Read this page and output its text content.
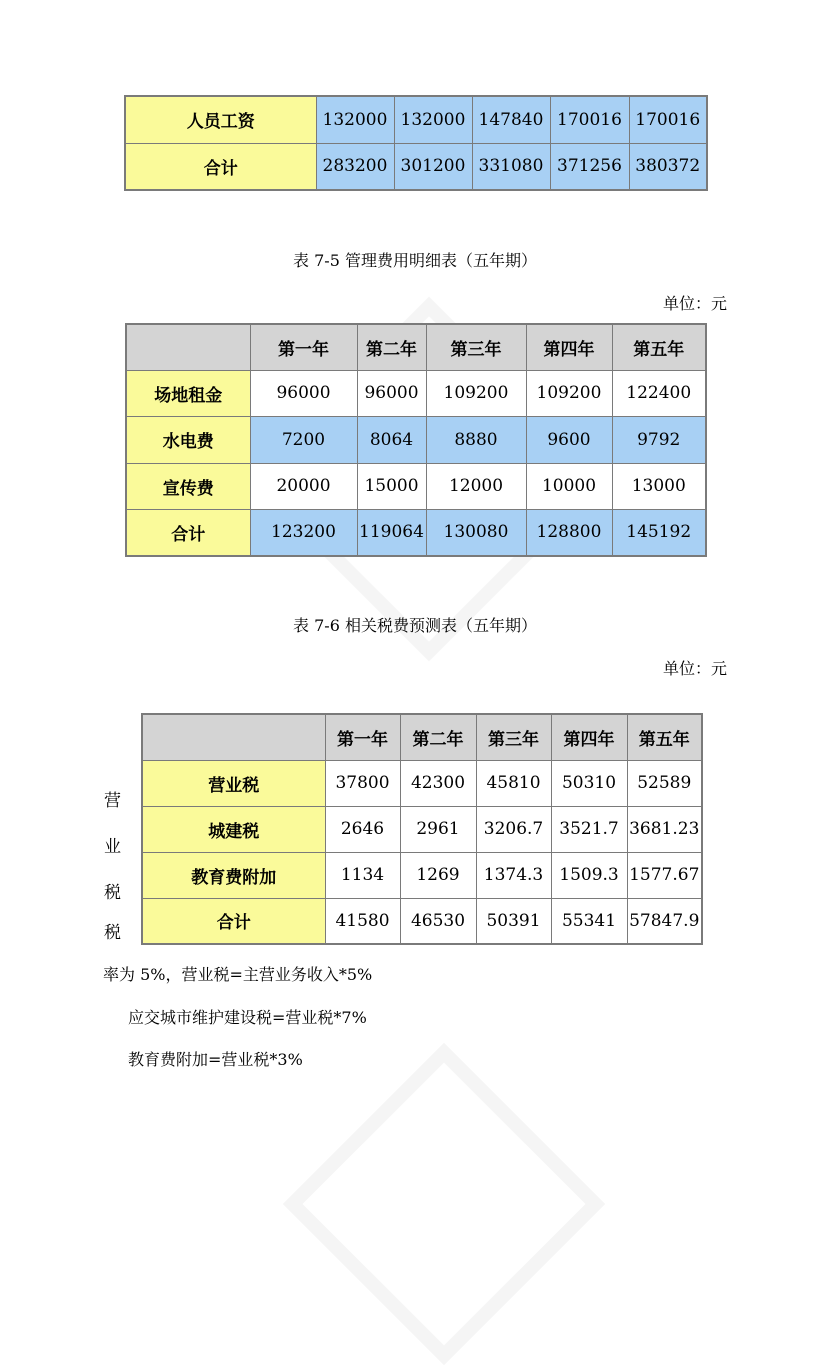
人员工资	132000	132000	147840	170016	170016
合计	283200	301200	331080	371256	380372
表 7-5 管理费用明细表（五年期）
单位：元
	第一年	第二年	第三年	第四年	第五年
场地租金	96000	96000	109200	109200	122400
水电费	7200	8064	8880	9600	9792
宣传费	20000	15000	12000	10000	13000
合计	123200	119064	130080	128800	145192
表 7-6 相关税费预测表（五年期）
单位：元
	第一年	第二年	第三年	第四年	第五年
营业税	37800	42300	45810	50310	52589
城建税	2646	2961	3206.7	3521.7	3681.23
教育费附加	1134	1269	1374.3	1509.3	1577.67
合计	41580	46530	50391	55341	57847.9
营
业
税
税
率为 5%，营业税=主营业务收入*5%
应交城市维护建设税=营业税*7%
教育费附加=营业税*3%
